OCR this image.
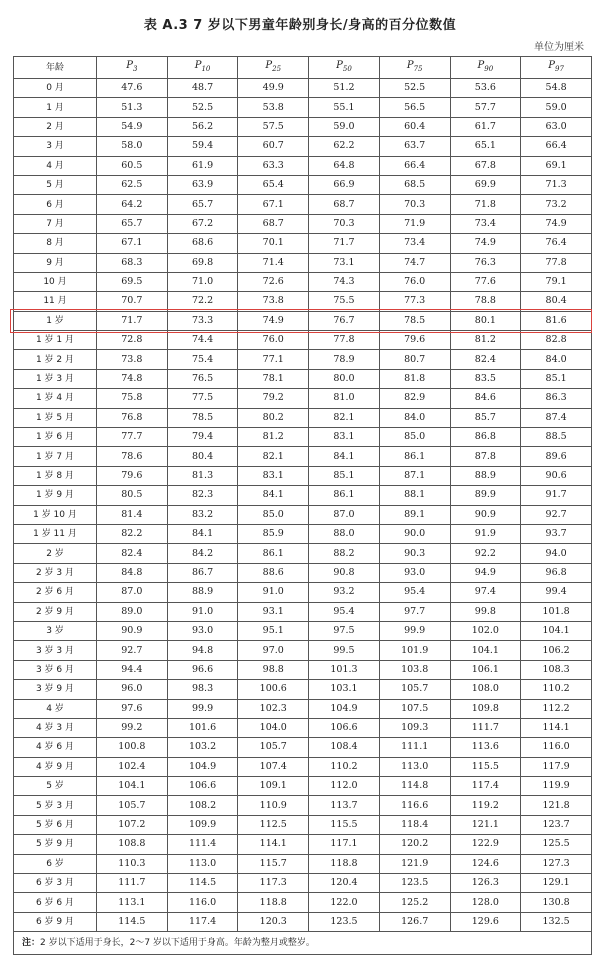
表 A.3 7 岁以下男童年龄别身长/身高的百分位数值
单位为厘米
年龄	$P_3$	$P_{10}$	$P_{25}$	$P_{50}$	$P_{75}$	$P_{90}$	$P_{97}$
0 月	47.6	48.7	49.9	51.2	52.5	53.6	54.8
1 月	51.3	52.5	53.8	55.1	56.5	57.7	59.0
2 月	54.9	56.2	57.5	59.0	60.4	61.7	63.0
3 月	58.0	59.4	60.7	62.2	63.7	65.1	66.4
4 月	60.5	61.9	63.3	64.8	66.4	67.8	69.1
5 月	62.5	63.9	65.4	66.9	68.5	69.9	71.3
6 月	64.2	65.7	67.1	68.7	70.3	71.8	73.2
7 月	65.7	67.2	68.7	70.3	71.9	73.4	74.9
8 月	67.1	68.6	70.1	71.7	73.4	74.9	76.4
9 月	68.3	69.8	71.4	73.1	74.7	76.3	77.8
10 月	69.5	71.0	72.6	74.3	76.0	77.6	79.1
11 月	70.7	72.2	73.8	75.5	77.3	78.8	80.4
1 岁	71.7	73.3	74.9	76.7	78.5	80.1	81.6
1 岁 1 月	72.8	74.4	76.0	77.8	79.6	81.2	82.8
1 岁 2 月	73.8	75.4	77.1	78.9	80.7	82.4	84.0
1 岁 3 月	74.8	76.5	78.1	80.0	81.8	83.5	85.1
1 岁 4 月	75.8	77.5	79.2	81.0	82.9	84.6	86.3
1 岁 5 月	76.8	78.5	80.2	82.1	84.0	85.7	87.4
1 岁 6 月	77.7	79.4	81.2	83.1	85.0	86.8	88.5
1 岁 7 月	78.6	80.4	82.1	84.1	86.1	87.8	89.6
1 岁 8 月	79.6	81.3	83.1	85.1	87.1	88.9	90.6
1 岁 9 月	80.5	82.3	84.1	86.1	88.1	89.9	91.7
1 岁 10 月	81.4	83.2	85.0	87.0	89.1	90.9	92.7
1 岁 11 月	82.2	84.1	85.9	88.0	90.0	91.9	93.7
2 岁	82.4	84.2	86.1	88.2	90.3	92.2	94.0
2 岁 3 月	84.8	86.7	88.6	90.8	93.0	94.9	96.8
2 岁 6 月	87.0	88.9	91.0	93.2	95.4	97.4	99.4
2 岁 9 月	89.0	91.0	93.1	95.4	97.7	99.8	101.8
3 岁	90.9	93.0	95.1	97.5	99.9	102.0	104.1
3 岁 3 月	92.7	94.8	97.0	99.5	101.9	104.1	106.2
3 岁 6 月	94.4	96.6	98.8	101.3	103.8	106.1	108.3
3 岁 9 月	96.0	98.3	100.6	103.1	105.7	108.0	110.2
4 岁	97.6	99.9	102.3	104.9	107.5	109.8	112.2
4 岁 3 月	99.2	101.6	104.0	106.6	109.3	111.7	114.1
4 岁 6 月	100.8	103.2	105.7	108.4	111.1	113.6	116.0
4 岁 9 月	102.4	104.9	107.4	110.2	113.0	115.5	117.9
5 岁	104.1	106.6	109.1	112.0	114.8	117.4	119.9
5 岁 3 月	105.7	108.2	110.9	113.7	116.6	119.2	121.8
5 岁 6 月	107.2	109.9	112.5	115.5	118.4	121.1	123.7
5 岁 9 月	108.8	111.4	114.1	117.1	120.2	122.9	125.5
6 岁	110.3	113.0	115.7	118.8	121.9	124.6	127.3
6 岁 3 月	111.7	114.5	117.3	120.4	123.5	126.3	129.1
6 岁 6 月	113.1	116.0	118.8	122.0	125.2	128.0	130.8
6 岁 9 月	114.5	117.4	120.3	123.5	126.7	129.6	132.5
注：2 岁以下适用于身长，2～7 岁以下适用于身高。年龄为整月或整岁。							
